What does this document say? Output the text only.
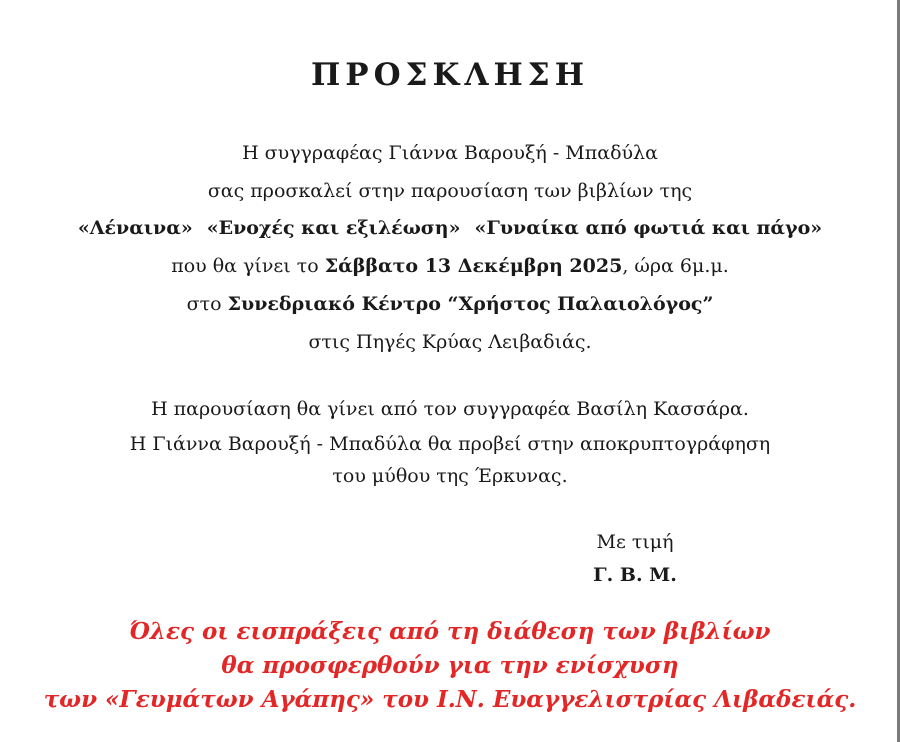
ΠΡΟΣΚΛΗΣΗ
Η συγγραφέας Γιάννα Βαρουξή - Μπαδύλα
σας προσκαλεί στην παρουσίαση των βιβλίων της
«Λέναινα» «Ενοχές και εξιλέωση» «Γυναίκα από φωτιά και πάγο»
που θα γίνει το Σάββατο 13 Δεκέμβρη 2025, ώρα 6μ.μ.
στο Συνεδριακό Κέντρο “Χρήστος Παλαιολόγος”
στις Πηγές Κρύας Λειβαδιάς.
Η παρουσίαση θα γίνει από τον συγγραφέα Βασίλη Κασσάρα.
Η Γιάννα Βαρουξή - Μπαδύλα θα προβεί στην αποκρυπτογράφηση
του μύθου της Έρκυνας.
Με τιμή
Γ. Β. Μ.
Όλες οι εισπράξεις από τη διάθεση των βιβλίων
θα προσφερθούν για την ενίσχυση
των «Γευμάτων Αγάπης» του Ι.Ν. Ευαγγελιστρίας Λιβαδειάς.
